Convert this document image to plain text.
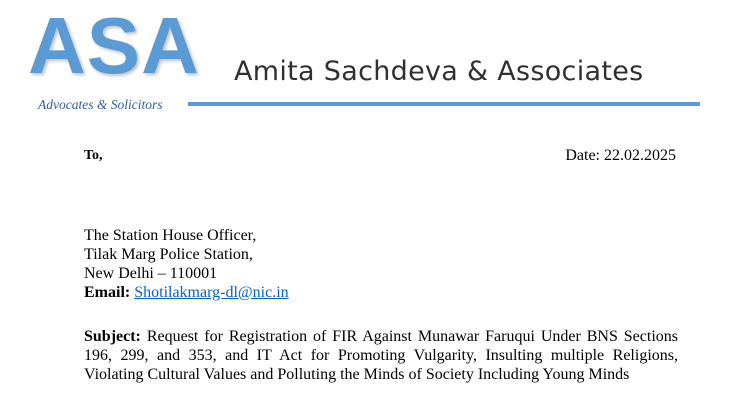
ASA
Advocates & Solicitors
Amita Sachdeva & Associates
To,	Date: 22.02.2025
The Station House Officer,
Tilak Marg Police Station,
New Delhi – 110001
Email: Shotilakmarg-dl@nic.in
Subject: Request for Registration of FIR Against Munawar Faruqui Under BNS Sections 196, 299, and 353, and IT Act for Promoting Vulgarity, Insulting multiple Religions, Violating Cultural Values and Polluting the Minds of Society Including Young Minds
